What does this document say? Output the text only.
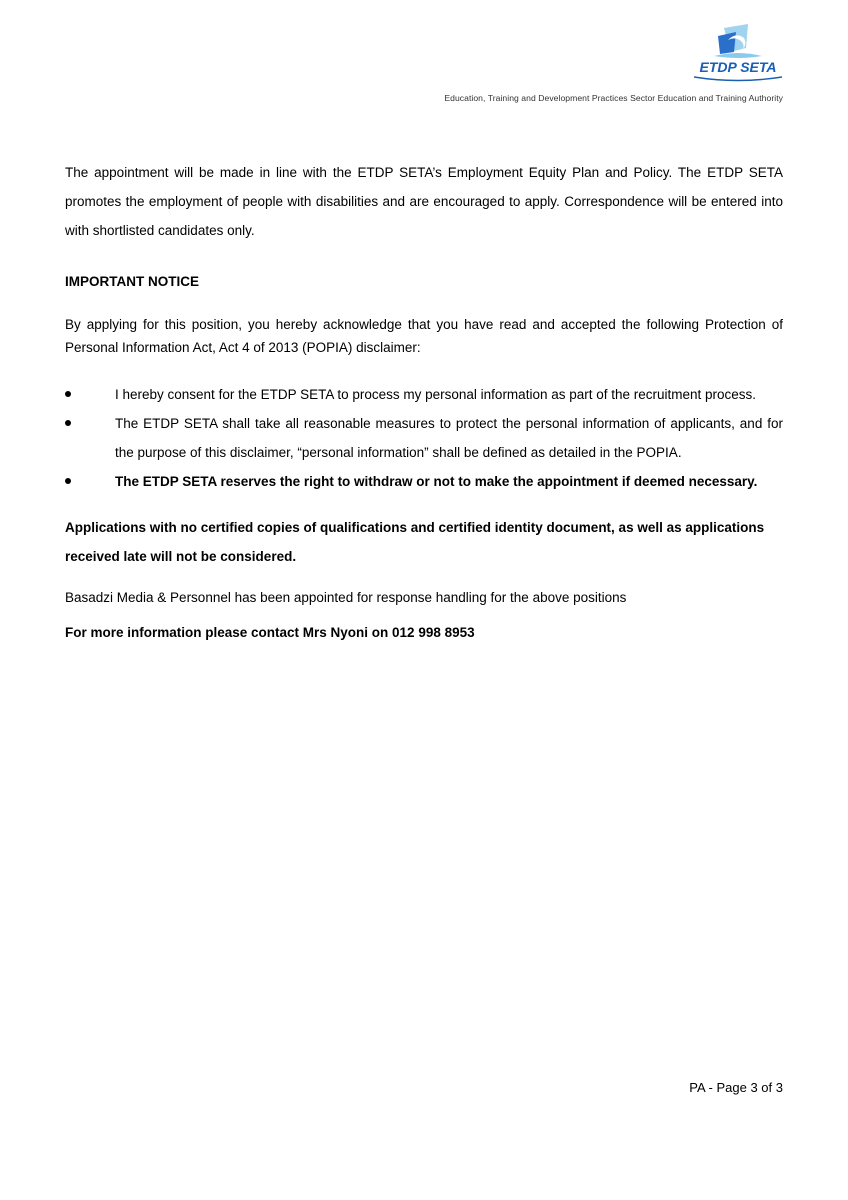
ETDP SETA
Education, Training and Development Practices Sector Education and Training Authority

The appointment will be made in line with the ETDP SETA’s Employment Equity Plan and Policy. The ETDP SETA promotes the employment of people with disabilities and are encouraged to apply. Correspondence will be entered into with shortlisted candidates only.

IMPORTANT NOTICE

By applying for this position, you hereby acknowledge that you have read and accepted the following Protection of Personal Information Act, Act 4 of 2013 (POPIA) disclaimer:

I hereby consent for the ETDP SETA to process my personal information as part of the recruitment process.
The ETDP SETA shall take all reasonable measures to protect the personal information of applicants, and for the purpose of this disclaimer, “personal information” shall be defined as detailed in the POPIA.
The ETDP SETA reserves the right to withdraw or not to make the appointment if deemed necessary.

Applications with no certified copies of qualifications and certified identity document, as well as applications received late will not be considered.

Basadzi Media & Personnel has been appointed for response handling for the above positions

For more information please contact Mrs Nyoni on 012 998 8953

PA - Page 3 of 3
